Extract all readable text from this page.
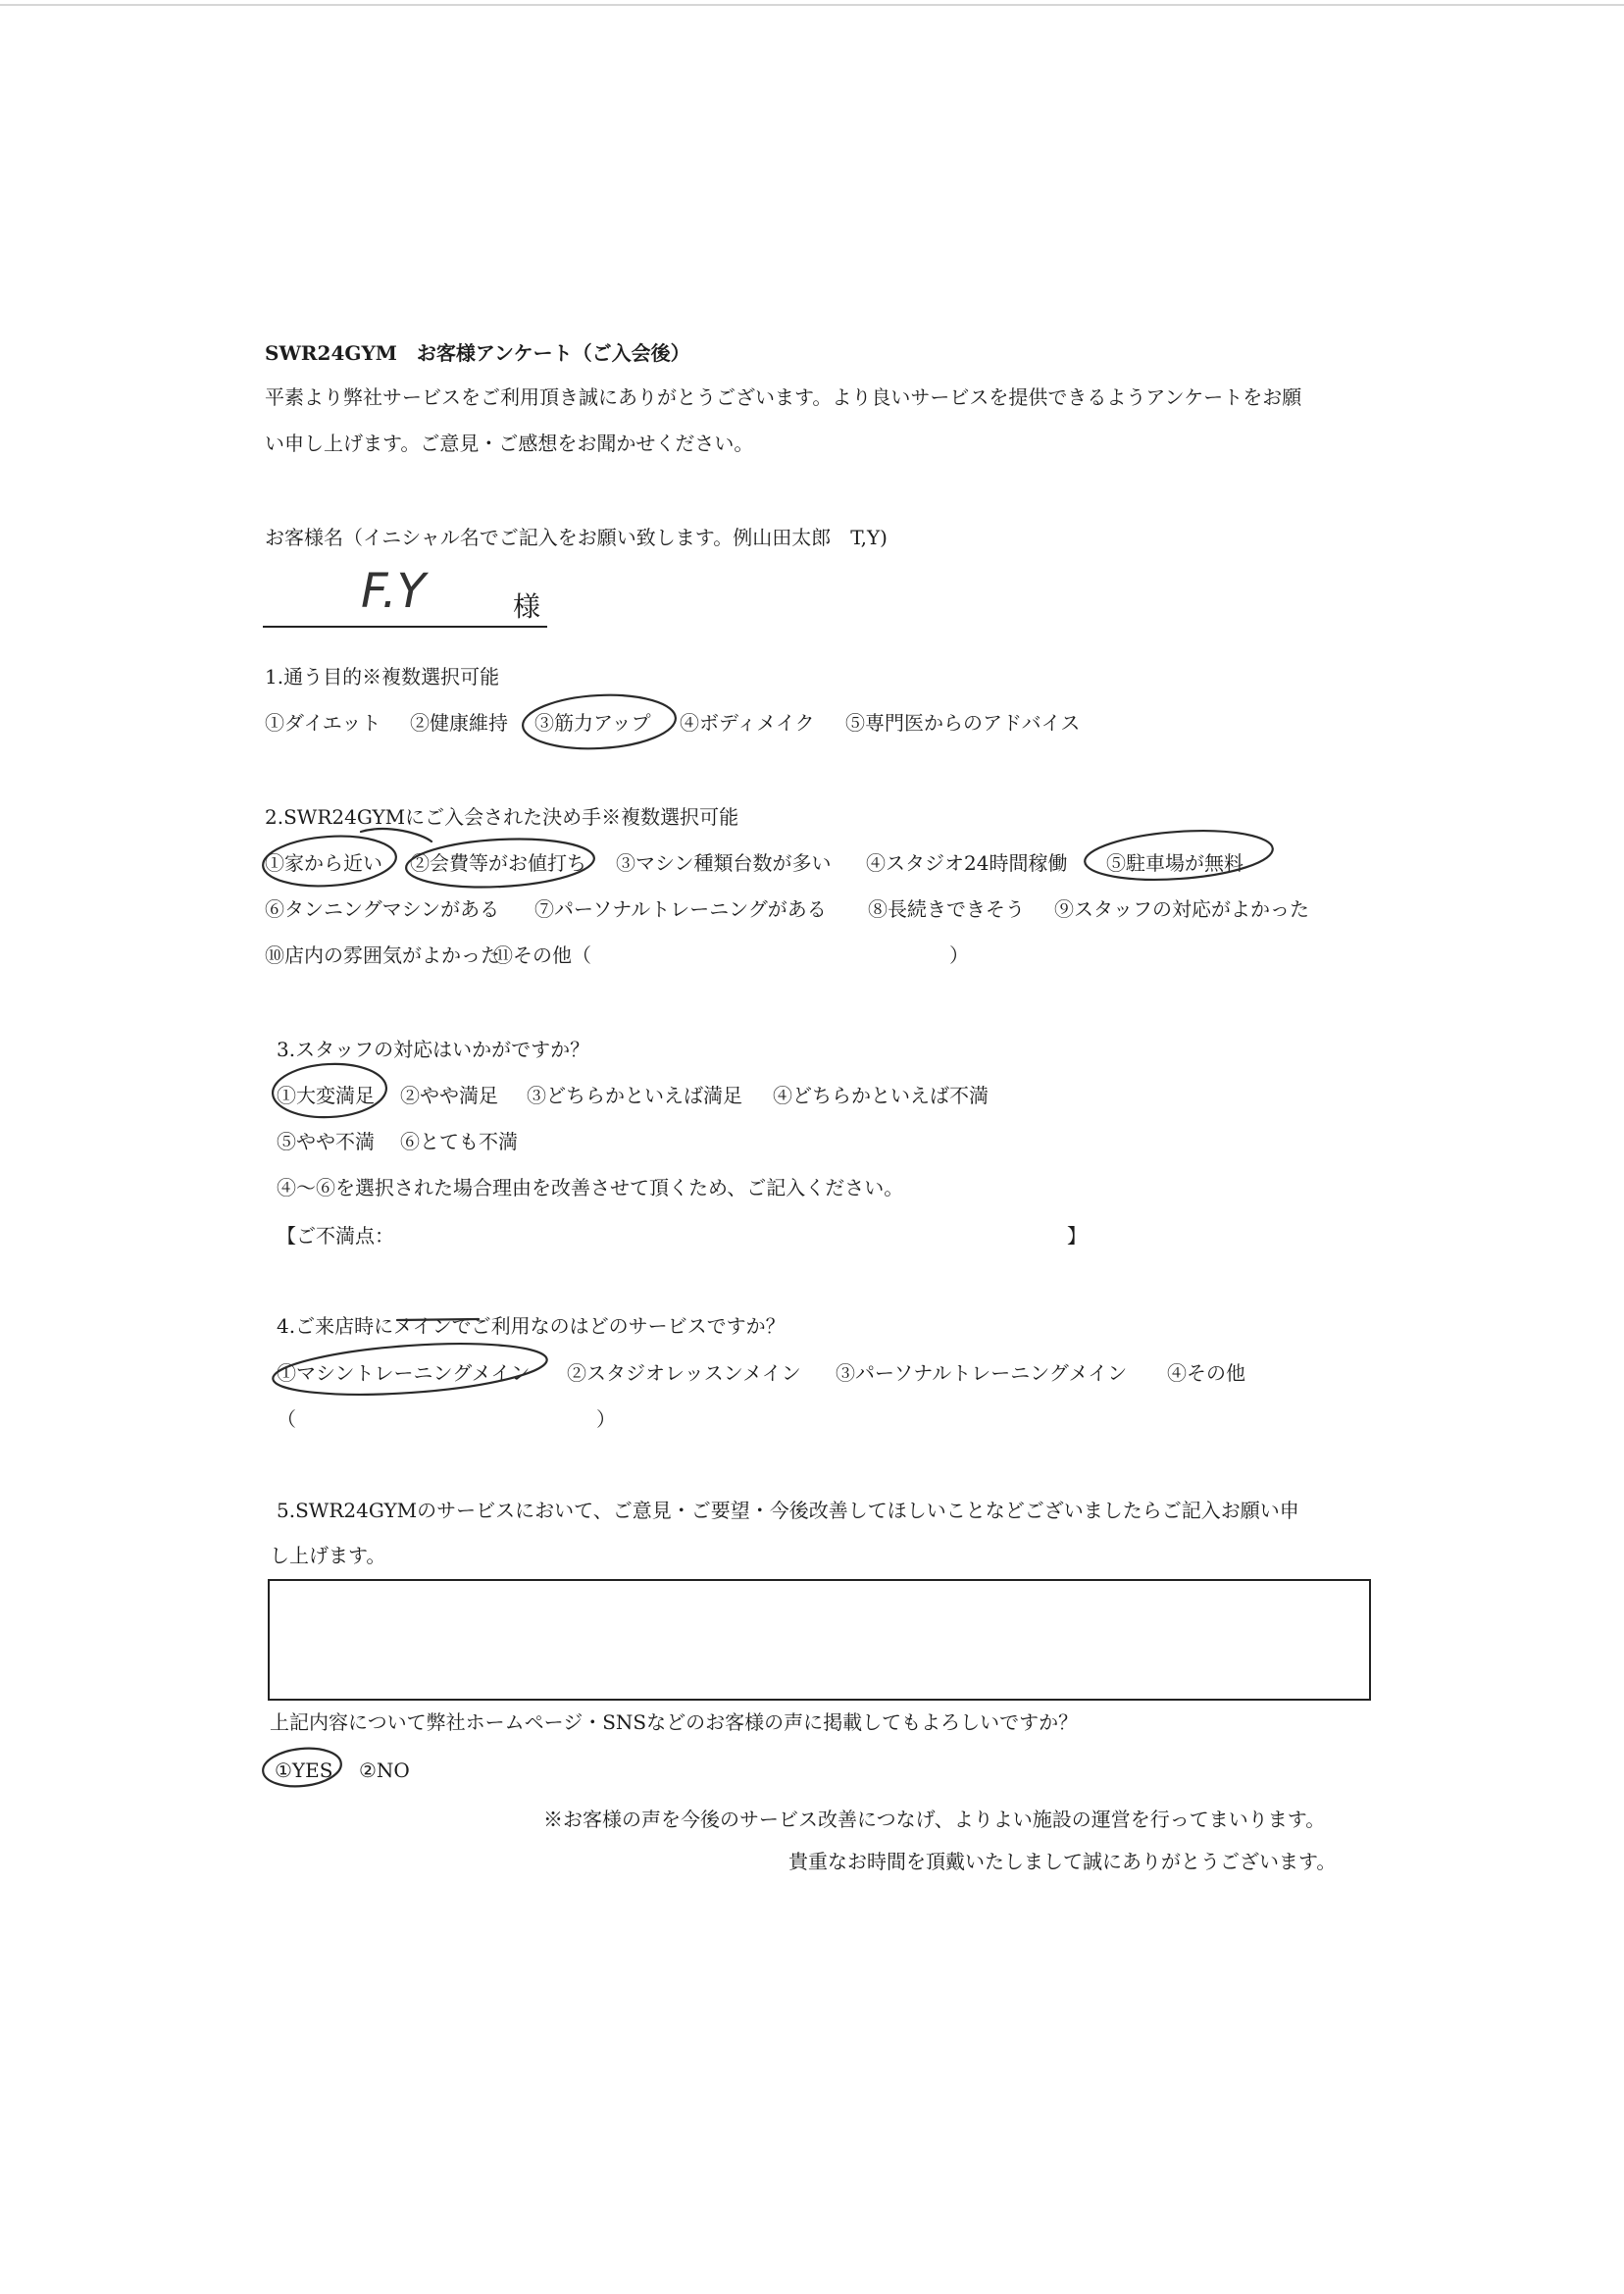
SWR24GYM　お客様アンケート（ご入会後）
平素より弊社サービスをご利用頂き誠にありがとうございます。より良いサービスを提供できるようアンケートをお願
い申し上げます。ご意見・ご感想をお聞かせください。
お客様名（イニシャル名でご記入をお願い致します。例山田太郎　T,Y)
F.Y	様
1.通う目的※複数選択可能
①ダイエット ②健康維持 ③筋力アップ ④ボディメイク ⑤専門医からのアドバイス
2.SWR24GYMにご入会された決め手※複数選択可能
①家から近い ②会費等がお値打ち ③マシン種類台数が多い ④スタジオ24時間稼働 ⑤駐車場が無料
⑥タンニングマシンがある ⑦パーソナルトレーニングがある ⑧長続きできそう ⑨スタッフの対応がよかった
⑩店内の雰囲気がよかった
⑪その他（	）
3.スタッフの対応はいかがですか？
①大変満足 ②やや満足 ③どちらかといえば満足 ④どちらかといえば不満
⑤やや不満 ⑥とても不満
④～⑥を選択された場合理由を改善させて頂くため、ご記入ください。
【ご不満点：	】
4.ご来店時にメインでご利用なのはどのサービスですか？
①マシントレーニングメイン ②スタジオレッスンメイン ③パーソナルトレーニングメイン ④その他
（	）
5.SWR24GYMのサービスにおいて、ご意見・ご要望・今後改善してほしいことなどございましたらご記入お願い申
し上げます。
上記内容について弊社ホームページ・SNSなどのお客様の声に掲載してもよろしいですか？
①YES ②NO
※お客様の声を今後のサービス改善につなげ、よりよい施設の運営を行ってまいります。
貴重なお時間を頂戴いたしまして誠にありがとうございます。
